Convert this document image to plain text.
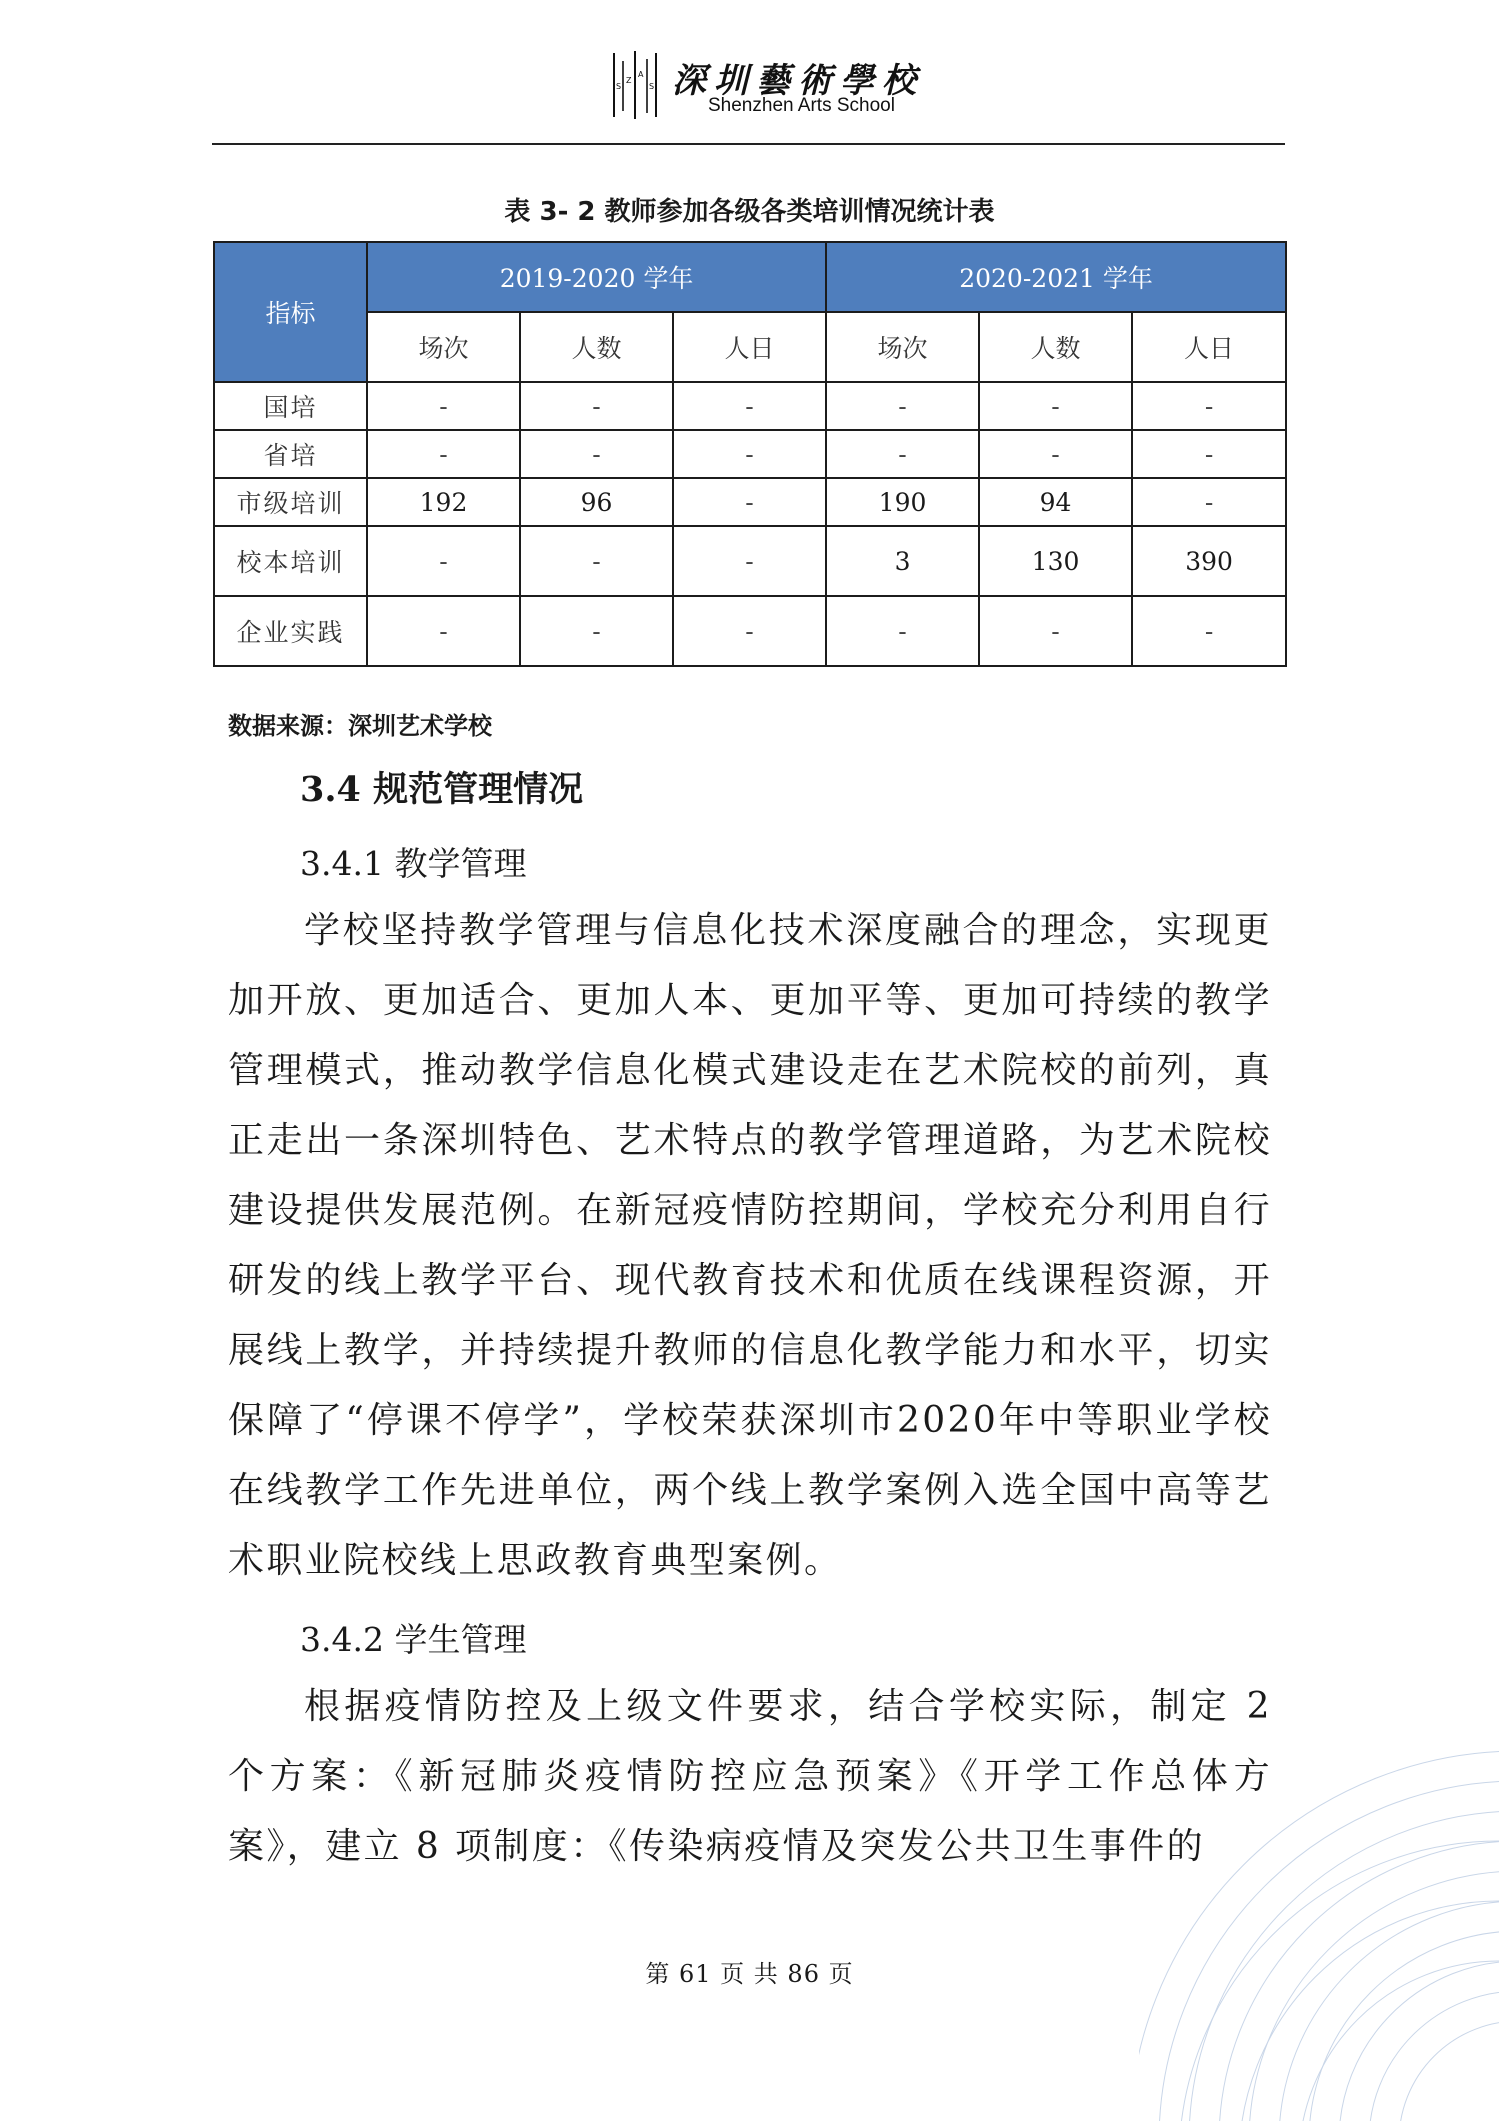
S
Z
A
S 深圳藝術學校
Shenzhen Arts School
表 3- 2 教师参加各级各类培训情况统计表
指标	2019-2020 学年			2020-2021 学年		
	场次	人数	人日	场次	人数	人日
国培	-	-	-	-	-	-
省培	-	-	-	-	-	-
市级培训	192	96	-	190	94	-
校本培训	-	-	-	3	130	390
企业实践	-	-	-	-	-	-
数据来源：深圳艺术学校
3.4 规范管理情况
3.4.1 教学管理

学校坚持教学管理与信息化技术深度融合的理念，实现更加开放、更加适合、更加人本、更加平等、更加可持续的教学管理模式，推动教学信息化模式建设走在艺术院校的前列，真正走出一条深圳特色、艺术特点的教学管理道路，为艺术院校建设提供发展范例。在新冠疫情防控期间，学校充分利用自行研发的线上教学平台、现代教育技术和优质在线课程资源，开展线上教学，并持续提升教师的信息化教学能力和水平，切实保障了“停课不停学”，学校荣获深圳市2020年中等职业学校在线教学工作先进单位，两个线上教学案例入选全国中高等艺术职业院校线上思政教育典型案例。

3.4.2 学生管理

根据疫情防控及上级文件要求，结合学校实际，制定 2 个方案：《新冠肺炎疫情防控应急预案》《开学工作总体方案》，建立 8 项制度：《传染病疫情及突发公共卫生事件的

第 61 页 共 86 页
